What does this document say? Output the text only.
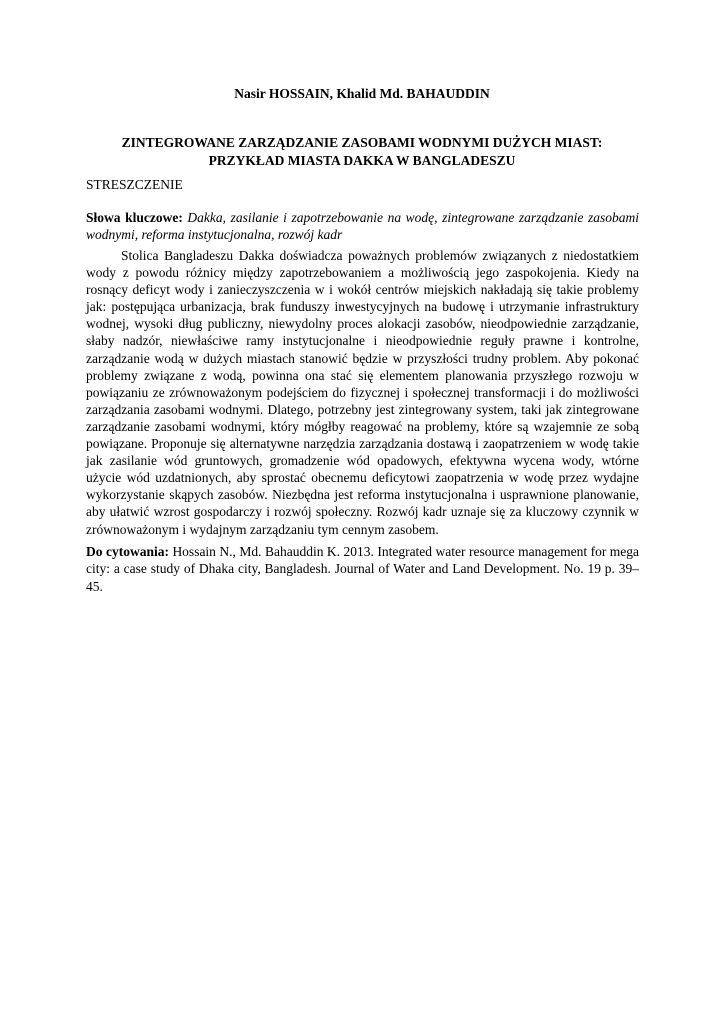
Nasir HOSSAIN, Khalid Md. BAHAUDDIN
ZINTEGROWANE ZARZĄDZANIE ZASOBAMI WODNYMI DUŻYCH MIAST:
PRZYKŁAD MIASTA DAKKA W BANGLADESZU
STRESZCZENIE
Słowa kluczowe: Dakka, zasilanie i zapotrzebowanie na wodę, zintegrowane zarządzanie zasobami wodnymi, reforma instytucjonalna, rozwój kadr

Stolica Bangladeszu Dakka doświadcza poważnych problemów związanych z niedostatkiem wody z powodu różnicy między zapotrzebowaniem a możliwością jego zaspokojenia. Kiedy na rosnący deficyt wody i zanieczyszczenia w i wokół centrów miejskich nakładają się takie problemy jak: postępująca urbanizacja, brak funduszy inwestycyjnych na budowę i utrzymanie infrastruktury wodnej, wysoki dług publiczny, niewydolny proces alokacji zasobów, nieodpowiednie zarządzanie, słaby nadzór, niewłaściwe ramy instytucjonalne i nieodpowiednie reguły prawne i kontrolne, zarządzanie wodą w dużych miastach stanowić będzie w przyszłości trudny problem. Aby pokonać problemy związane z wodą, powinna ona stać się elementem planowania przyszłego rozwoju w powiązaniu ze zrównoważonym podejściem do fizycznej i społecznej transformacji i do możliwości zarządzania zasobami wodnymi. Dlatego, potrzebny jest zintegrowany system, taki jak zintegrowane zarządzanie zasobami wodnymi, który mógłby reagować na problemy, które są wzajemnie ze sobą powiązane. Proponuje się alternatywne narzędzia zarządzania dostawą i zaopatrzeniem w wodę takie jak zasilanie wód gruntowych, gromadzenie wód opadowych, efektywna wycena wody, wtórne użycie wód uzdatnionych, aby sprostać obecnemu deficytowi zaopatrzenia w wodę przez wydajne wykorzystanie skąpych zasobów. Niezbędna jest reforma instytucjonalna i usprawnione planowanie, aby ułatwić wzrost gospodarczy i rozwój społeczny. Rozwój kadr uznaje się za kluczowy czynnik w zrównoważonym i wydajnym zarządzaniu tym cennym zasobem.

Do cytowania: Hossain N., Md. Bahauddin K. 2013. Integrated water resource management for mega city: a case study of Dhaka city, Bangladesh. Journal of Water and Land Development. No. 19 p. 39–45.
